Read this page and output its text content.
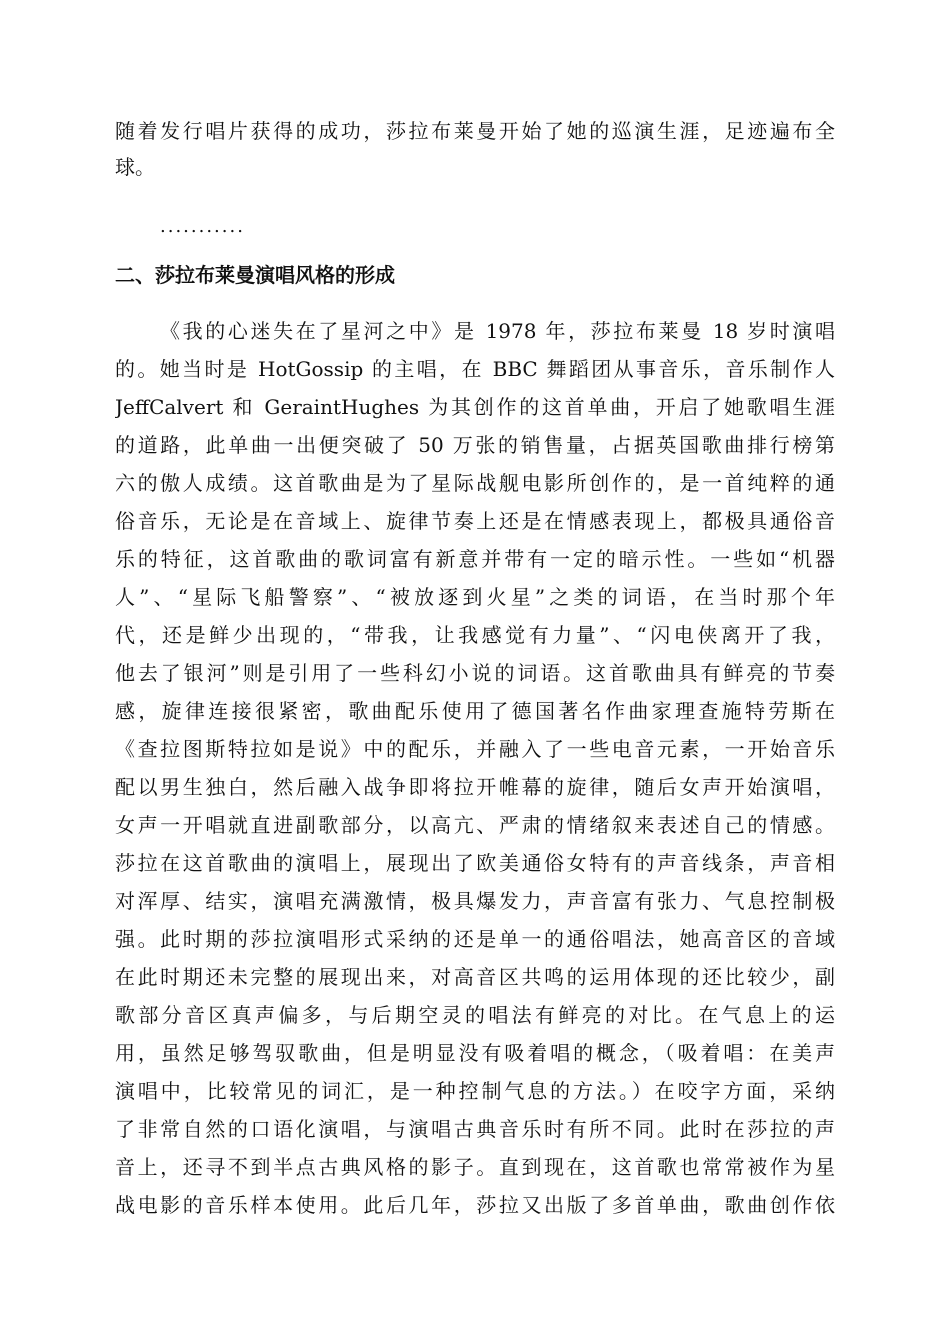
随着发行唱片获得的成功，莎拉布莱曼开始了她的巡演生涯，足迹遍布全
球。
...........
二、莎拉布莱曼演唱风格的形成
《我的心迷失在了星河之中》是 1978 年，莎拉布莱曼 18 岁时演唱
的。她当时是 HotGossip 的主唱，在 BBC 舞蹈团从事音乐，音乐制作人
JeffCalvert 和 GeraintHughes 为其创作的这首单曲，开启了她歌唱生涯
的道路，此单曲一出便突破了 50 万张的销售量，占据英国歌曲排行榜第
六的傲人成绩。这首歌曲是为了星际战舰电影所创作的，是一首纯粹的通
俗音乐，无论是在音域上、旋律节奏上还是在情感表现上，都极具通俗音
乐的特征，这首歌曲的歌词富有新意并带有一定的暗示性。一些如“机器
人”、“星际飞船警察”、“被放逐到火星”之类的词语，在当时那个年
代，还是鲜少出现的，“带我，让我感觉有力量”、“闪电侠离开了我，
他去了银河”则是引用了一些科幻小说的词语。这首歌曲具有鲜亮的节奏
感，旋律连接很紧密，歌曲配乐使用了德国著名作曲家理查施特劳斯在
《查拉图斯特拉如是说》中的配乐，并融入了一些电音元素，一开始音乐
配以男生独白，然后融入战争即将拉开帷幕的旋律，随后女声开始演唱，
女声一开唱就直进副歌部分，以高亢、严肃的情绪叙来表述自己的情感。
莎拉在这首歌曲的演唱上，展现出了欧美通俗女特有的声音线条，声音相
对浑厚、结实，演唱充满激情，极具爆发力，声音富有张力、气息控制极
强。此时期的莎拉演唱形式采纳的还是单一的通俗唱法，她高音区的音域
在此时期还未完整的展现出来，对高音区共鸣的运用体现的还比较少，副
歌部分音区真声偏多，与后期空灵的唱法有鲜亮的对比。在气息上的运
用，虽然足够驾驭歌曲，但是明显没有吸着唱的概念，（吸着唱：在美声
演唱中，比较常见的词汇，是一种控制气息的方法。）在咬字方面，采纳
了非常自然的口语化演唱，与演唱古典音乐时有所不同。此时在莎拉的声
音上，还寻不到半点古典风格的影子。直到现在，这首歌也常常被作为星
战电影的音乐样本使用。此后几年，莎拉又出版了多首单曲，歌曲创作依
